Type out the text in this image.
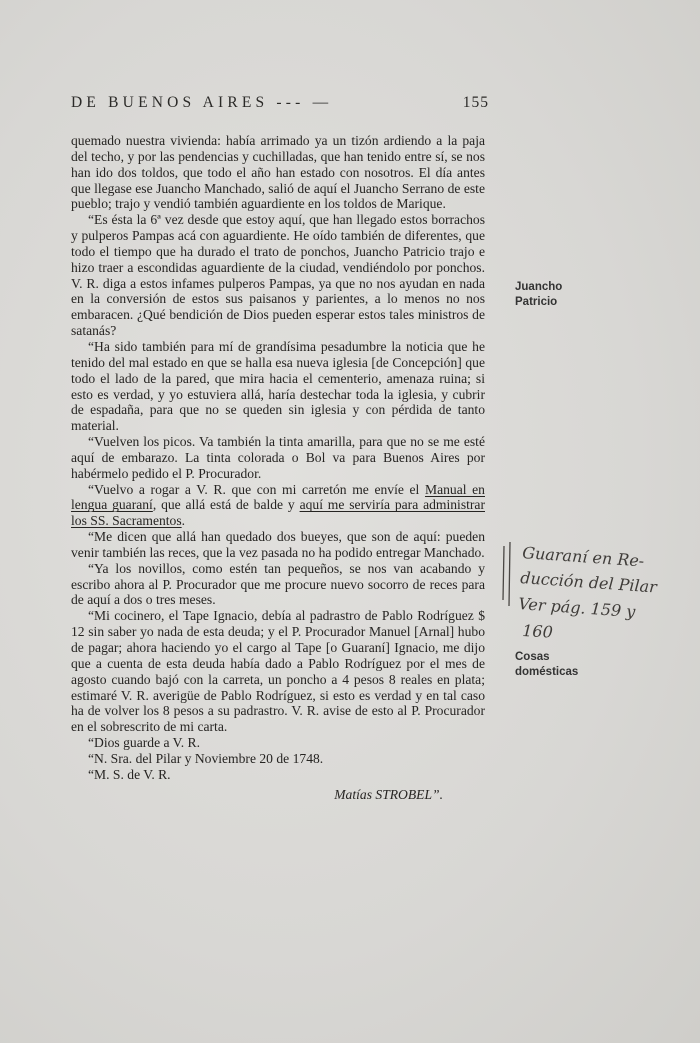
DE BUENOS AIRES --- —	155

quemado nuestra vivienda: había arrimado ya un tizón ardiendo a la paja del techo, y por las pendencias y cuchilladas, que han tenido entre sí, se nos han ido dos toldos, que todo el año han estado con nosotros. El día antes que llegase ese Juancho Manchado, salió de aquí el Juancho Serrano de este pueblo; trajo y vendió también aguardiente en los toldos de Marique.

“Es ésta la 6ª vez desde que estoy aquí, que han llegado estos borrachos y pulperos Pampas acá con aguardiente. He oído también de diferentes, que todo el tiempo que ha durado el trato de ponchos, Juancho Patricio trajo e hizo traer a escondidas aguardiente de la ciudad, vendiéndolo por ponchos. V. R. diga a estos infames pulperos Pampas, ya que no nos ayudan en nada en la conversión de estos sus paisanos y parientes, a lo menos no nos embaracen. ¿Qué bendición de Dios pueden esperar estos tales ministros de satanás?

“Ha sido también para mí de grandísima pesadumbre la noticia que he tenido del mal estado en que se halla esa nueva iglesia [de Concepción] que todo el lado de la pared, que mira hacia el cementerio, amenaza ruina; si esto es verdad, y yo estuviera allá, haría destechar toda la iglesia, y cubrir de espadaña, para que no se queden sin iglesia y con pérdida de tanto material.

“Vuelven los picos. Va también la tinta amarilla, para que no se me esté aquí de embarazo. La tinta colorada o Bol va para Buenos Aires por habérmelo pedido el P. Procurador.

“Vuelvo a rogar a V. R. que con mi carretón me envíe el Manual en lengua guaraní, que allá está de balde y aquí me serviría para administrar los SS. Sacramentos.

“Me dicen que allá han quedado dos bueyes, que son de aquí: pueden venir también las reces, que la vez pasada no ha podido entregar Manchado.

“Ya los novillos, como estén tan pequeños, se nos van acabando y escribo ahora al P. Procurador que me procure nuevo socorro de reces para de aquí a dos o tres meses.

“Mi cocinero, el Tape Ignacio, debía al padrastro de Pablo Rodríguez $ 12 sin saber yo nada de esta deuda; y el P. Procurador Manuel [Arnal] hubo de pagar; ahora haciendo yo el cargo al Tape [o Guaraní] Ignacio, me dijo que a cuenta de esta deuda había dado a Pablo Rodríguez por el mes de agosto cuando bajó con la carreta, un poncho a 4 pesos 8 reales en plata; estimaré V. R. averigüe de Pablo Rodríguez, si esto es verdad y en tal caso ha de volver los 8 pesos a su padrastro. V. R. avise de esto al P. Procurador en el sobrescrito de mi carta.

“Dios guarde a V. R.

“N. Sra. del Pilar y Noviembre 20 de 1748.

“M. S. de V. R.

Matías STROBEL”.

Juancho
Patricio
Cosas
domésticas
Guaraní en Re-
ducción del Pilar
Ver pág. 159 y
160
